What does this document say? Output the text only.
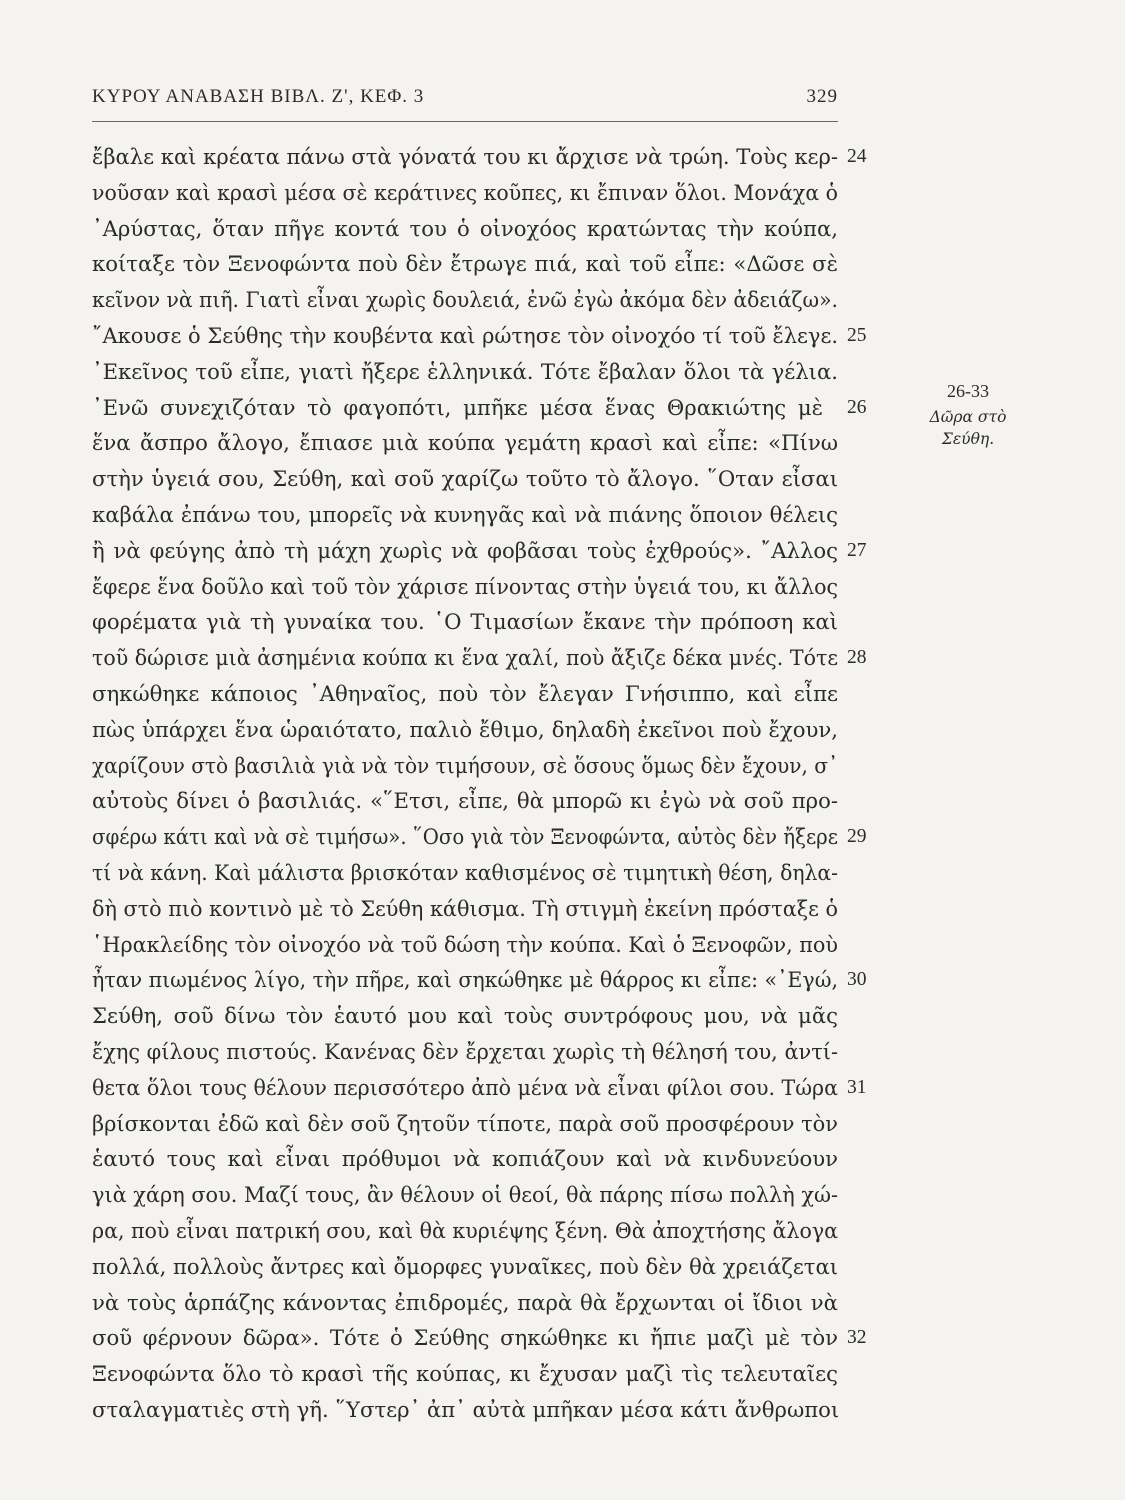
ΚΥΡΟΥ ΑΝΑΒΑΣΗ ΒΙΒΛ. Ζ', ΚΕΦ. 3	329
ἔβαλε καὶ κρέατα πάνω στὰ γόνατά του κι ἄρχισε νὰ τρώη. Τοὺς κερ- 24
νοῦσαν καὶ κρασὶ μέσα σὲ κεράτινες κοῦπες, κι ἔπιναν ὅλοι. Μονάχα ὁ
᾿Αρύστας, ὅταν πῆγε κοντά του ὁ οἰνοχόος κρατώντας τὴν κούπα,
κοίταξε τὸν Ξενοφώντα ποὺ δὲν ἔτρωγε πιά, καὶ τοῦ εἶπε: «Δῶσε σὲ
κεῖνον νὰ πιῆ. Γιατὶ εἶναι χωρὶς δουλειά, ἐνῶ ἐγὼ ἀκόμα δὲν ἀδειάζω».
῎Ακουσε ὁ Σεύθης τὴν κουβέντα καὶ ρώτησε τὸν οἰνοχόο τί τοῦ ἔλεγε. 25
᾿Εκεῖνος τοῦ εἶπε, γιατὶ ἤξερε ἑλληνικά. Τότε ἔβαλαν ὅλοι τὰ γέλια.
᾿Ενῶ συνεχιζόταν τὸ φαγοπότι, μπῆκε μέσα ἕνας Θρακιώτης μὲ 26
ἕνα ἄσπρο ἄλογο, ἔπιασε μιὰ κούπα γεμάτη κρασὶ καὶ εἶπε: «Πίνω
στὴν ὑγειά σου, Σεύθη, καὶ σοῦ χαρίζω τοῦτο τὸ ἄλογο. ῞Οταν εἶσαι
καβάλα ἐπάνω του, μπορεῖς νὰ κυνηγᾶς καὶ νὰ πιάνης ὅποιον θέλεις
ἢ νὰ φεύγης ἀπὸ τὴ μάχη χωρὶς νὰ φοβᾶσαι τοὺς ἐχθρούς». ῎Αλλος 27
ἔφερε ἕνα δοῦλο καὶ τοῦ τὸν χάρισε πίνοντας στὴν ὑγειά του, κι ἄλλος
φορέματα γιὰ τὴ γυναίκα του. ῾Ο Τιμασίων ἔκανε τὴν πρόποση καὶ
τοῦ δώρισε μιὰ ἀσημένια κούπα κι ἕνα χαλί, ποὺ ἄξιζε δέκα μνές. Τότε 28
σηκώθηκε κάποιος ᾿Αθηναῖος, ποὺ τὸν ἔλεγαν Γνήσιππο, καὶ εἶπε
πὼς ὑπάρχει ἕνα ὡραιότατο, παλιὸ ἔθιμο, δηλαδὴ ἐκεῖνοι ποὺ ἔχουν,
χαρίζουν στὸ βασιλιὰ γιὰ νὰ τὸν τιμήσουν, σὲ ὅσους ὅμως δὲν ἔχουν, σ᾿
αὐτοὺς δίνει ὁ βασιλιάς. «῞Ετσι, εἶπε, θὰ μπορῶ κι ἐγὼ νὰ σοῦ προ-
σφέρω κάτι καὶ νὰ σὲ τιμήσω». ῞Οσο γιὰ τὸν Ξενοφώντα, αὐτὸς δὲν ἤξερε 29
τί νὰ κάνη. Καὶ μάλιστα βρισκόταν καθισμένος σὲ τιμητικὴ θέση, δηλα-
δὴ στὸ πιὸ κοντινὸ μὲ τὸ Σεύθη κάθισμα. Τὴ στιγμὴ ἐκείνη πρόσταξε ὁ
῾Ηρακλείδης τὸν οἰνοχόο νὰ τοῦ δώση τὴν κούπα. Καὶ ὁ Ξενοφῶν, ποὺ
ἦταν πιωμένος λίγο, τὴν πῆρε, καὶ σηκώθηκε μὲ θάρρος κι εἶπε: «᾿Εγώ, 30
Σεύθη, σοῦ δίνω τὸν ἑαυτό μου καὶ τοὺς συντρόφους μου, νὰ μᾶς
ἔχης φίλους πιστούς. Κανένας δὲν ἔρχεται χωρὶς τὴ θέλησή του, ἀντί-
θετα ὅλοι τους θέλουν περισσότερο ἀπὸ μένα νὰ εἶναι φίλοι σου. Τώρα 31
βρίσκονται ἐδῶ καὶ δὲν σοῦ ζητοῦν τίποτε, παρὰ σοῦ προσφέρουν τὸν
ἑαυτό τους καὶ εἶναι πρόθυμοι νὰ κοπιάζουν καὶ νὰ κινδυνεύουν
γιὰ χάρη σου. Μαζί τους, ἂν θέλουν οἱ θεοί, θὰ πάρης πίσω πολλὴ χώ-
ρα, ποὺ εἶναι πατρική σου, καὶ θὰ κυριέψης ξένη. Θὰ ἀποχτήσης ἄλογα
πολλά, πολλοὺς ἄντρες καὶ ὄμορφες γυναῖκες, ποὺ δὲν θὰ χρειάζεται
νὰ τοὺς ἁρπάζης κάνοντας ἐπιδρομές, παρὰ θὰ ἔρχωνται οἱ ἴδιοι νὰ
σοῦ φέρνουν δῶρα». Τότε ὁ Σεύθης σηκώθηκε κι ἤπιε μαζὶ μὲ τὸν 32
Ξενοφώντα ὅλο τὸ κρασὶ τῆς κούπας, κι ἔχυσαν μαζὶ τὶς τελευταῖες
σταλαγματιὲς στὴ γῆ. ῞Υστερ᾿ ἀπ᾿ αὐτὰ μπῆκαν μέσα κάτι ἄνθρωποι
26-33
Δῶρα στὸ Σεύθη.
